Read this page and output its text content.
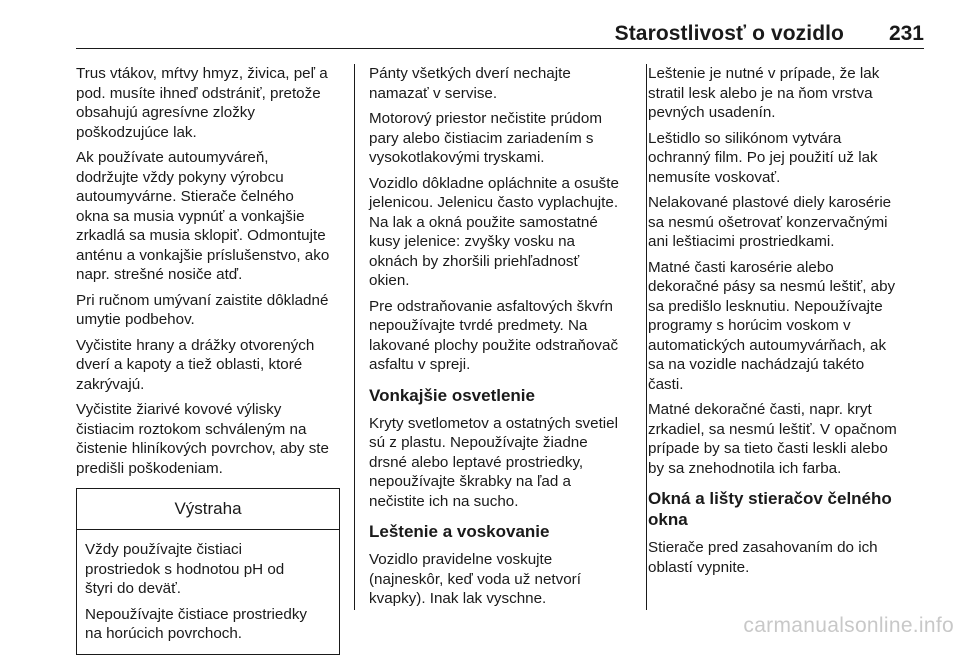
Starostlivosť o vozidlo 231

Trus vtákov, mŕtvy hmyz, živica, peľ a
pod. musíte ihneď odstrániť, pretože
obsahujú agresívne zložky
poškodzujúce lak.

Ak používate autoumyváreň,
dodržujte vždy pokyny výrobcu
autoumyvárne. Stierače čelného
okna sa musia vypnúť a vonkajšie
zrkadlá sa musia sklopiť. Odmontujte
anténu a vonkajšie príslušenstvo, ako
napr. strešné nosiče atď.

Pri ručnom umývaní zaistite dôkladné
umytie podbehov.

Vyčistite hrany a drážky otvorených
dverí a kapoty a tiež oblasti, ktoré
zakrývajú.

Vyčistite žiarivé kovové výlisky
čistiacim roztokom schváleným na
čistenie hliníkových povrchov, aby ste
predišli poškodeniam.

Výstraha

Vždy používajte čistiaci
prostriedok s hodnotou pH od
štyri do deväť.

Nepoužívajte čistiace prostriedky
na horúcich povrchoch.

Pánty všetkých dverí nechajte
namazať v servise.

Motorový priestor nečistite prúdom
pary alebo čistiacim zariadením s
vysokotlakovými tryskami.

Vozidlo dôkladne opláchnite a osušte
jelenicou. Jelenicu často vyplachujte.
Na lak a okná použite samostatné
kusy jelenice: zvyšky vosku na
oknách by zhoršili priehľadnosť
okien.

Pre odstraňovanie asfaltových škvŕn
nepoužívajte tvrdé predmety. Na
lakované plochy použite odstraňovač
asfaltu v spreji.

Vonkajšie osvetlenie

Kryty svetlometov a ostatných svetiel
sú z plastu. Nepoužívajte žiadne
drsné alebo leptavé prostriedky,
nepoužívajte škrabky na ľad a
nečistite ich na sucho.

Leštenie a voskovanie

Vozidlo pravidelne voskujte
(najneskôr, keď voda už netvorí
kvapky). Inak lak vyschne.

Leštenie je nutné v prípade, že lak
stratil lesk alebo je na ňom vrstva
pevných usadenín.

Leštidlo so silikónom vytvára
ochranný film. Po jej použití už lak
nemusíte voskovať.

Nelakované plastové diely karosérie
sa nesmú ošetrovať konzervačnými
ani leštiacimi prostriedkami.

Matné časti karosérie alebo
dekoračné pásy sa nesmú leštiť, aby
sa predišlo lesknutiu. Nepoužívajte
programy s horúcim voskom v
automatických autoumyvárňach, ak
sa na vozidle nachádzajú takéto
časti.

Matné dekoračné časti, napr. kryt
zrkadiel, sa nesmú leštiť. V opačnom
prípade by sa tieto časti leskli alebo
by sa znehodnotila ich farba.

Okná a lišty stieračov čelného
okna

Stierače pred zasahovaním do ich
oblastí vypnite.

carmanualsonline.info
